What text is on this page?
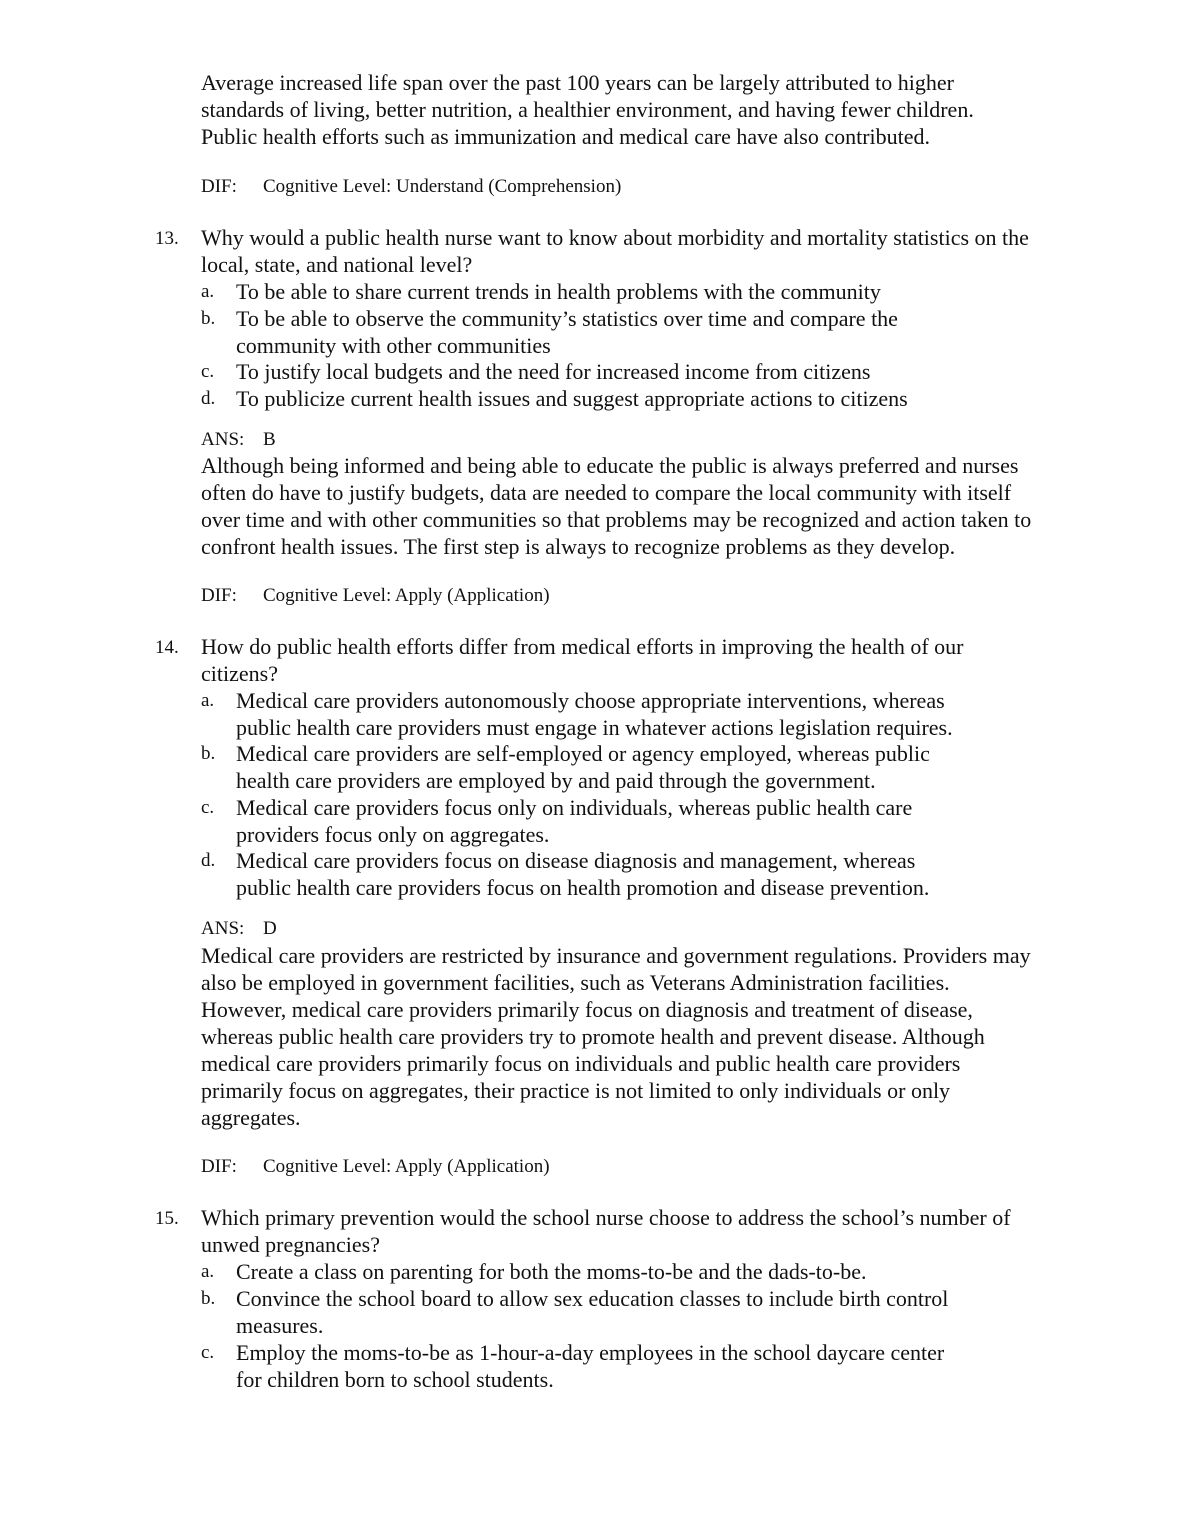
Average increased life span over the past 100 years can be largely attributed to higher
standards of living, better nutrition, a healthier environment, and having fewer children.
Public health efforts such as immunization and medical care have also contributed.
DIF: Cognitive Level: Understand (Comprehension)
13. Why would a public health nurse want to know about morbidity and mortality statistics on the
local, state, and national level?
a. To be able to share current trends in health problems with the community
b. To be able to observe the community’s statistics over time and compare the
community with other communities
c. To justify local budgets and the need for increased income from citizens
d. To publicize current health issues and suggest appropriate actions to citizens
ANS: B
Although being informed and being able to educate the public is always preferred and nurses
often do have to justify budgets, data are needed to compare the local community with itself
over time and with other communities so that problems may be recognized and action taken to
confront health issues. The first step is always to recognize problems as they develop.
DIF: Cognitive Level: Apply (Application)
14. How do public health efforts differ from medical efforts in improving the health of our
citizens?
a. Medical care providers autonomously choose appropriate interventions, whereas
public health care providers must engage in whatever actions legislation requires.
b. Medical care providers are self-employed or agency employed, whereas public
health care providers are employed by and paid through the government.
c. Medical care providers focus only on individuals, whereas public health care
providers focus only on aggregates.
d. Medical care providers focus on disease diagnosis and management, whereas
public health care providers focus on health promotion and disease prevention.
ANS: D
Medical care providers are restricted by insurance and government regulations. Providers may
also be employed in government facilities, such as Veterans Administration facilities.
However, medical care providers primarily focus on diagnosis and treatment of disease,
whereas public health care providers try to promote health and prevent disease. Although
medical care providers primarily focus on individuals and public health care providers
primarily focus on aggregates, their practice is not limited to only individuals or only
aggregates.
DIF: Cognitive Level: Apply (Application)
15. Which primary prevention would the school nurse choose to address the school’s number of
unwed pregnancies?
a. Create a class on parenting for both the moms-to-be and the dads-to-be.
b. Convince the school board to allow sex education classes to include birth control
measures.
c. Employ the moms-to-be as 1-hour-a-day employees in the school daycare center
for children born to school students.
